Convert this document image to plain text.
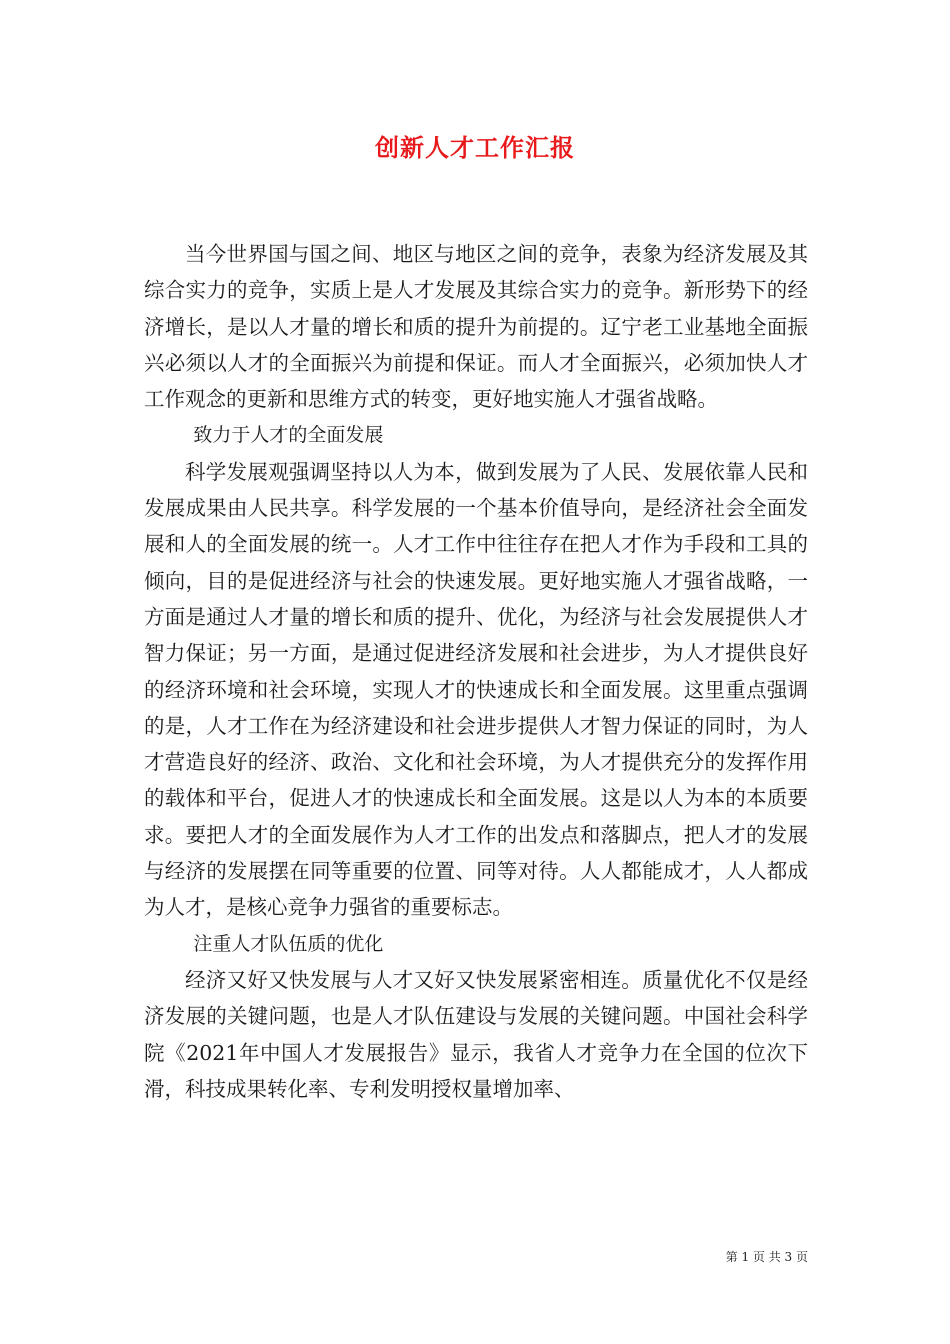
创新人才工作汇报

当今世界国与国之间、地区与地区之间的竞争，表象为经济发展及其综合实力的竞争，实质上是人才发展及其综合实力的竞争。新形势下的经济增长，是以人才量的增长和质的提升为前提的。辽宁老工业基地全面振兴必须以人才的全面振兴为前提和保证。而人才全面振兴，必须加快人才工作观念的更新和思维方式的转变，更好地实施人才强省战略。

致力于人才的全面发展

科学发展观强调坚持以人为本，做到发展为了人民、发展依靠人民和发展成果由人民共享。科学发展的一个基本价值导向，是经济社会全面发展和人的全面发展的统一。人才工作中往往存在把人才作为手段和工具的倾向，目的是促进经济与社会的快速发展。更好地实施人才强省战略，一方面是通过人才量的增长和质的提升、优化，为经济与社会发展提供人才智力保证；另一方面，是通过促进经济发展和社会进步，为人才提供良好的经济环境和社会环境，实现人才的快速成长和全面发展。这里重点强调的是，人才工作在为经济建设和社会进步提供人才智力保证的同时，为人才营造良好的经济、政治、文化和社会环境，为人才提供充分的发挥作用的载体和平台，促进人才的快速成长和全面发展。这是以人为本的本质要求。要把人才的全面发展作为人才工作的出发点和落脚点，把人才的发展与经济的发展摆在同等重要的位置、同等对待。人人都能成才，人人都成为人才，是核心竞争力强省的重要标志。

注重人才队伍质的优化

经济又好又快发展与人才又好又快发展紧密相连。质量优化不仅是经济发展的关键问题，也是人才队伍建设与发展的关键问题。中国社会科学院《2021年中国人才发展报告》显示，我省人才竞争力在全国的位次下滑，科技成果转化率、专利发明授权量增加率、

第 1 页 共 3 页
